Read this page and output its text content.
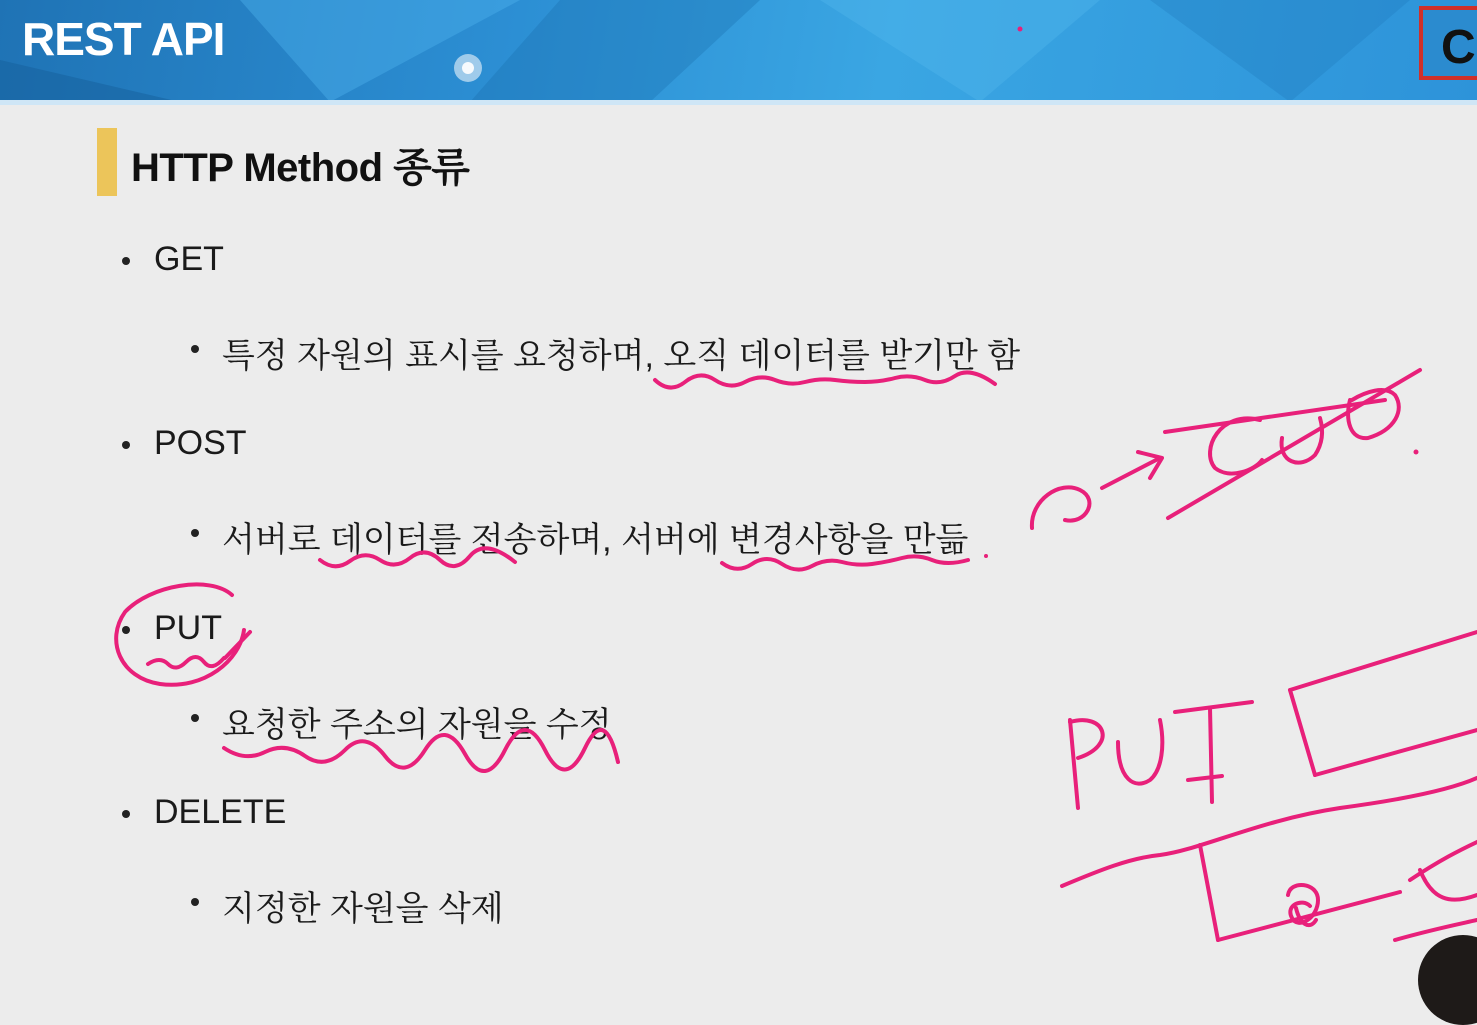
REST API	C
HTTP Method 종류
GET
특정 자원의 표시를 요청하며, 오직 데이터를 받기만 함
POST
서버로 데이터를 전송하며, 서버에 변경사항을 만듦
PUT
요청한 주소의 자원을 수정
DELETE
지정한 자원을 삭제
